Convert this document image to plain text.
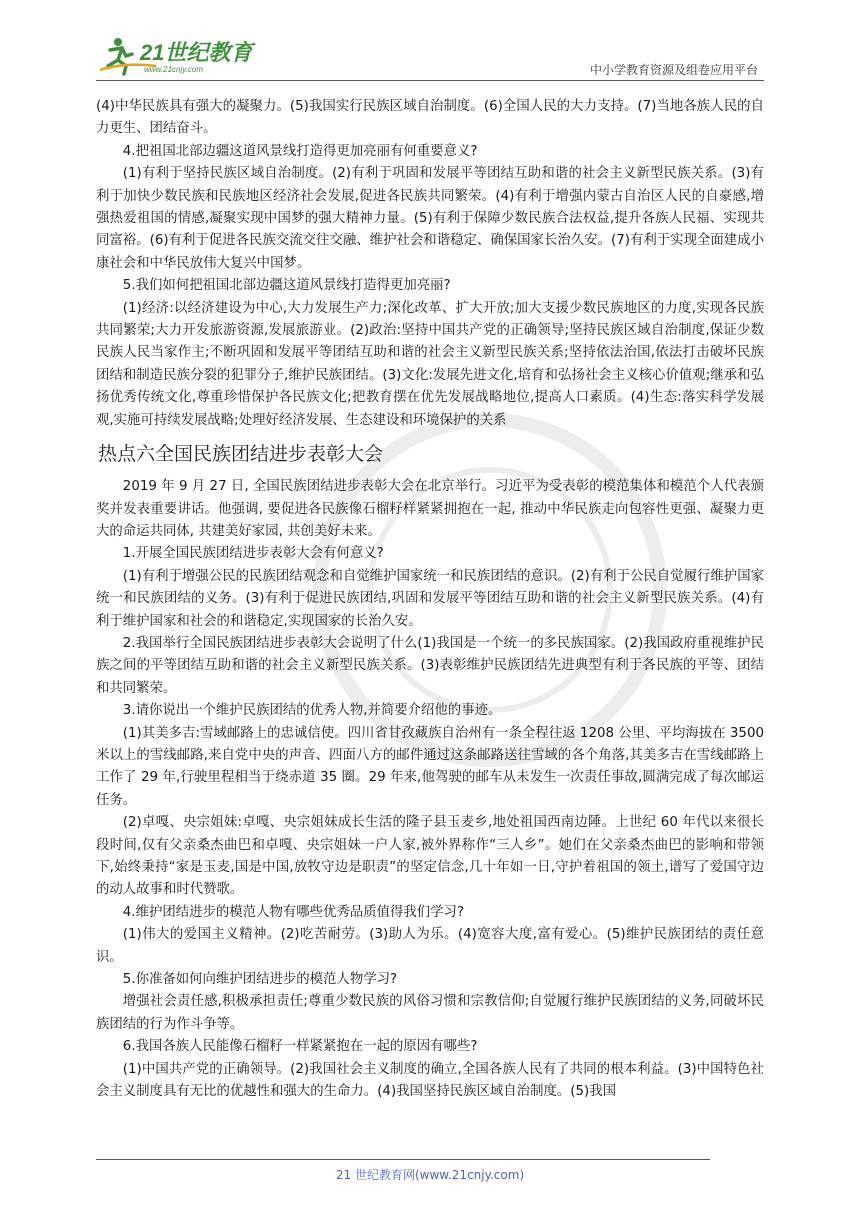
21世纪教育
www.21cnjy.com	中小学教育资源及组卷应用平台

(4)中华民族具有强大的凝聚力。(5)我国实行民族区域自治制度。(6)全国人民的大力支持。(7)当地各族人民的自力更生、团结奋斗。

4.把祖国北部边疆这道风景线打造得更加亮丽有何重要意义?

(1)有利于坚持民族区域自治制度。(2)有利于巩固和发展平等团结互助和谐的社会主义新型民族关系。(3)有利于加快少数民族和民族地区经济社会发展,促进各民族共同繁荣。(4)有利于增强内蒙古自治区人民的自豪感,增强热爱祖国的情感,凝聚实现中国梦的强大精神力量。(5)有利于保障少数民族合法权益,提升各族人民福、实现共同富裕。(6)有利于促进各民族交流交往交融、维护社会和谐稳定、确保国家长治久安。(7)有利于实现全面建成小康社会和中华民放伟大复兴中国梦。

5.我们如何把祖国北部边疆这道风景线打造得更加亮丽?

(1)经济:以经济建设为中心,大力发展生产力;深化改革、扩大开放;加大支援少数民族地区的力度,实现各民族共同繁荣;大力开发旅游资源,发展旅游业。(2)政治:坚持中国共产党的正确领导;坚持民族区域自治制度,保证少数民族人民当家作主;不断巩固和发展平等团结互助和谐的社会主义新型民族关系;坚持依法治国,依法打击破坏民族团结和制造民族分裂的犯罪分子,维护民族团结。(3)文化:发展先进文化,培育和弘扬社会主义核心价值观;继承和弘扬优秀传统文化,尊重珍惜保护各民族文化;把教育摆在优先发展战略地位,提高人口素质。(4)生态:落实科学发展观,实施可持续发展战略;处理好经济发展、生态建设和环境保护的关系

热点六全国民族团结进步表彰大会

2019 年 9 月 27 日, 全国民族团结进步表彰大会在北京举行。习近平为受表彰的模范集体和模范个人代表颁奖并发表重要讲话。他强调, 要促进各民族像石榴籽样紧紧拥抱在一起, 推动中华民族走向包容性更强、凝聚力更大的命运共同体, 共建美好家园, 共创美好未来。

1.开展全国民族团结进步表彰大会有何意义?

(1)有利于增强公民的民族团结观念和自觉维护国家统一和民族团结的意识。(2)有利于公民自觉履行维护国家统一和民族团结的义务。(3)有利于促进民族团结,巩固和发展平等团结互助和谐的社会主义新型民族关系。(4)有利于维护国家和社会的和谐稳定,实现国家的长治久安。

2.我国举行全国民族团结进步表彰大会说明了什么(1)我国是一个统一的多民族国家。(2)我国政府重视维护民族之间的平等团结互助和谐的社会主义新型民族关系。(3)表彰维护民族团结先进典型有利于各民族的平等、团结和共同繁荣。

3.请你说出一个维护民族团结的优秀人物,并简要介绍他的事迹。

(1)其美多吉:雪域邮路上的忠诚信使。四川省甘孜藏族自治州有一条全程往返 1208 公里、平均海拔在 3500 米以上的雪线邮路,来自党中央的声音、四面八方的邮件通过这条邮路送往雪域的各个角落,其美多吉在雪线邮路上工作了 29 年,行驶里程相当于绕赤道 35 圈。29 年来,他驾驶的邮车从未发生一次责任事故,圆满完成了每次邮运任务。

(2)卓嘎、央宗姐妹:卓嘎、央宗姐妹成长生活的隆子县玉麦乡,地处祖国西南边陲。上世纪 60 年代以来很长段时间,仅有父亲桑杰曲巴和卓嘎、央宗姐妹一户人家,被外界称作“三人乡”。她们在父亲桑杰曲巴的影响和带领下,始终秉持“家是玉麦,国是中国,放牧守边是职责”的坚定信念,几十年如一日,守护着祖国的领土,谱写了爱国守边的动人故事和时代赞歌。

4.维护团结进步的模范人物有哪些优秀品质值得我们学习?

(1)伟大的爱国主义精神。(2)吃苦耐劳。(3)助人为乐。(4)宽容大度,富有爱心。(5)维护民族团结的责任意识。

5.你准备如何向维护团结进步的模范人物学习?

增强社会责任感,积极承担责任;尊重少数民族的风俗习惯和宗教信仰;自觉履行维护民族团结的义务,同破坏民族团结的行为作斗争等。

6.我国各族人民能像石榴籽一样紧紧抱在一起的原因有哪些?

(1)中国共产党的正确领导。(2)我国社会主义制度的确立,全国各族人民有了共同的根本利益。(3)中国特色社会主义制度具有无比的优越性和强大的生命力。(4)我国坚持民族区域自治制度。(5)我国

21 世纪教育网(www.21cnjy.com)
